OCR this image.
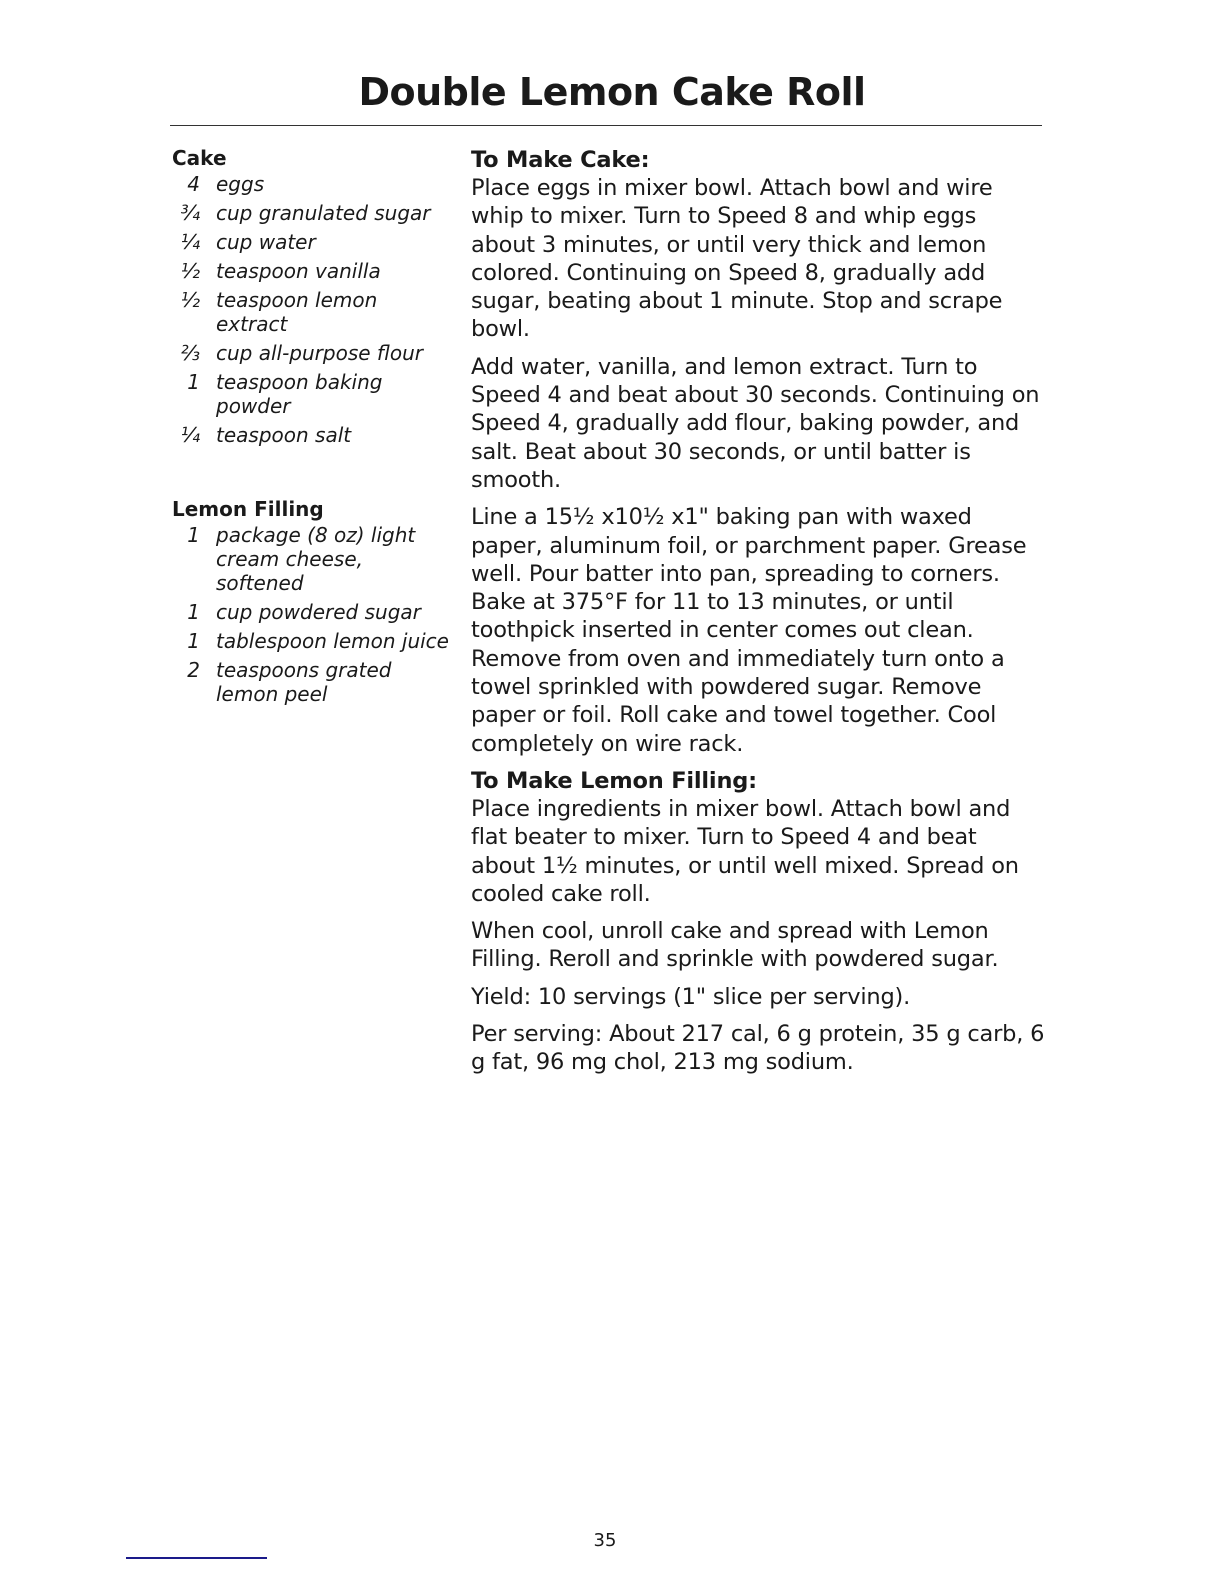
Double Lemon Cake Roll
Cake
4 eggs
¾ cup granulated sugar
¼ cup water
½ teaspoon vanilla
½ teaspoon lemon extract
⅔ cup all-purpose flour
1 teaspoon baking powder
¼ teaspoon salt
Lemon Filling
1 package (8 oz) light cream cheese, softened
1 cup powdered sugar
1 tablespoon lemon juice
2 teaspoons grated lemon peel
To Make Cake:

Place eggs in mixer bowl. Attach bowl and wire whip to mixer. Turn to Speed 8 and whip eggs about 3 minutes, or until very thick and lemon colored. Continuing on Speed 8, gradually add sugar, beating about 1 minute. Stop and scrape bowl.

Add water, vanilla, and lemon extract. Turn to Speed 4 and beat about 30 seconds. Continuing on Speed 4, gradually add flour, baking powder, and salt. Beat about 30 seconds, or until batter is smooth.

Line a 15½ x10½ x1" baking pan with waxed paper, aluminum foil, or parchment paper. Grease well. Pour batter into pan, spreading to corners. Bake at 375°F for 11 to 13 minutes, or until toothpick inserted in center comes out clean. Remove from oven and immediately turn onto a towel sprinkled with powdered sugar. Remove paper or foil. Roll cake and towel together. Cool completely on wire rack.

To Make Lemon Filling:

Place ingredients in mixer bowl. Attach bowl and flat beater to mixer. Turn to Speed 4 and beat about 1½ minutes, or until well mixed. Spread on cooled cake roll.

When cool, unroll cake and spread with Lemon Filling. Reroll and sprinkle with powdered sugar.

Yield: 10 servings (1" slice per serving).

Per serving: About 217 cal, 6 g protein, 35 g carb, 6 g fat, 96 mg chol, 213 mg sodium.

35
